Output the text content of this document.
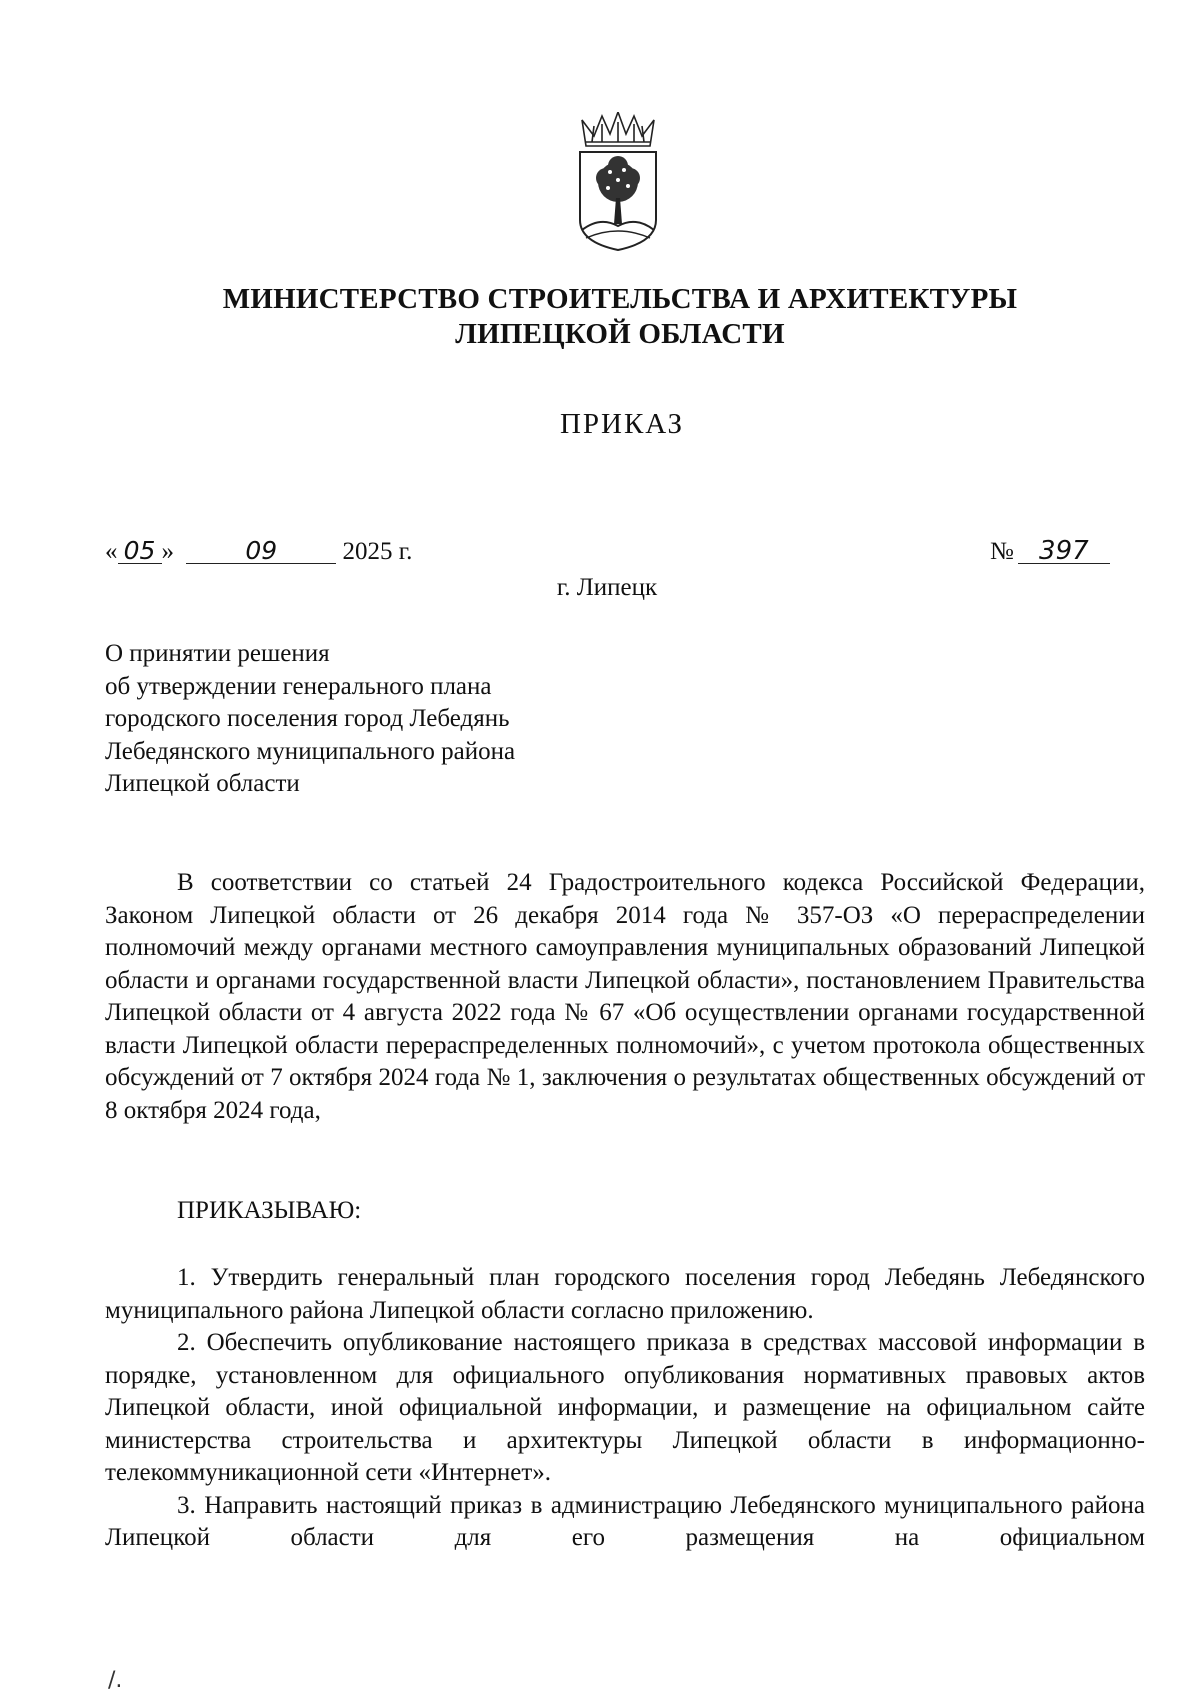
МИНИСТЕРСТВО СТРОИТЕЛЬСТВА И АРХИТЕКТУРЫ
ЛИПЕЦКОЙ ОБЛАСТИ
ПРИКАЗ
« 05 »	09	2025 г.	№ 397
г. Липецк
О принятии решения
об утверждении генерального плана
городского поселения город Лебедянь
Лебедянского муниципального района
Липецкой области
В соответствии со статьей 24 Градостроительного кодекса Российской Федерации, Законом Липецкой области от 26 декабря 2014 года № 357-ОЗ «О перераспределении полномочий между органами местного самоуправления муниципальных образований Липецкой области и органами государственной власти Липецкой области», постановлением Правительства Липецкой области от 4 августа 2022 года № 67 «Об осуществлении органами государственной власти Липецкой области перераспределенных полномочий», с учетом протокола общественных обсуждений от 7 октября 2024 года № 1, заключения о результатах общественных обсуждений от 8 октября 2024 года,
ПРИКАЗЫВАЮ:

1. Утвердить генеральный план городского поселения город Лебедянь Лебедянского муниципального района Липецкой области согласно приложению.

2. Обеспечить опубликование настоящего приказа в средствах массовой информации в порядке, установленном для официального опубликования нормативных правовых актов Липецкой области, иной официальной информации, и размещение на официальном сайте министерства строительства и архитектуры Липецкой области в информационно-телекоммуникационной сети «Интернет».

3. Направить настоящий приказ в администрацию Лебедянского муниципального района Липецкой области для его размещения на официальном

/.
